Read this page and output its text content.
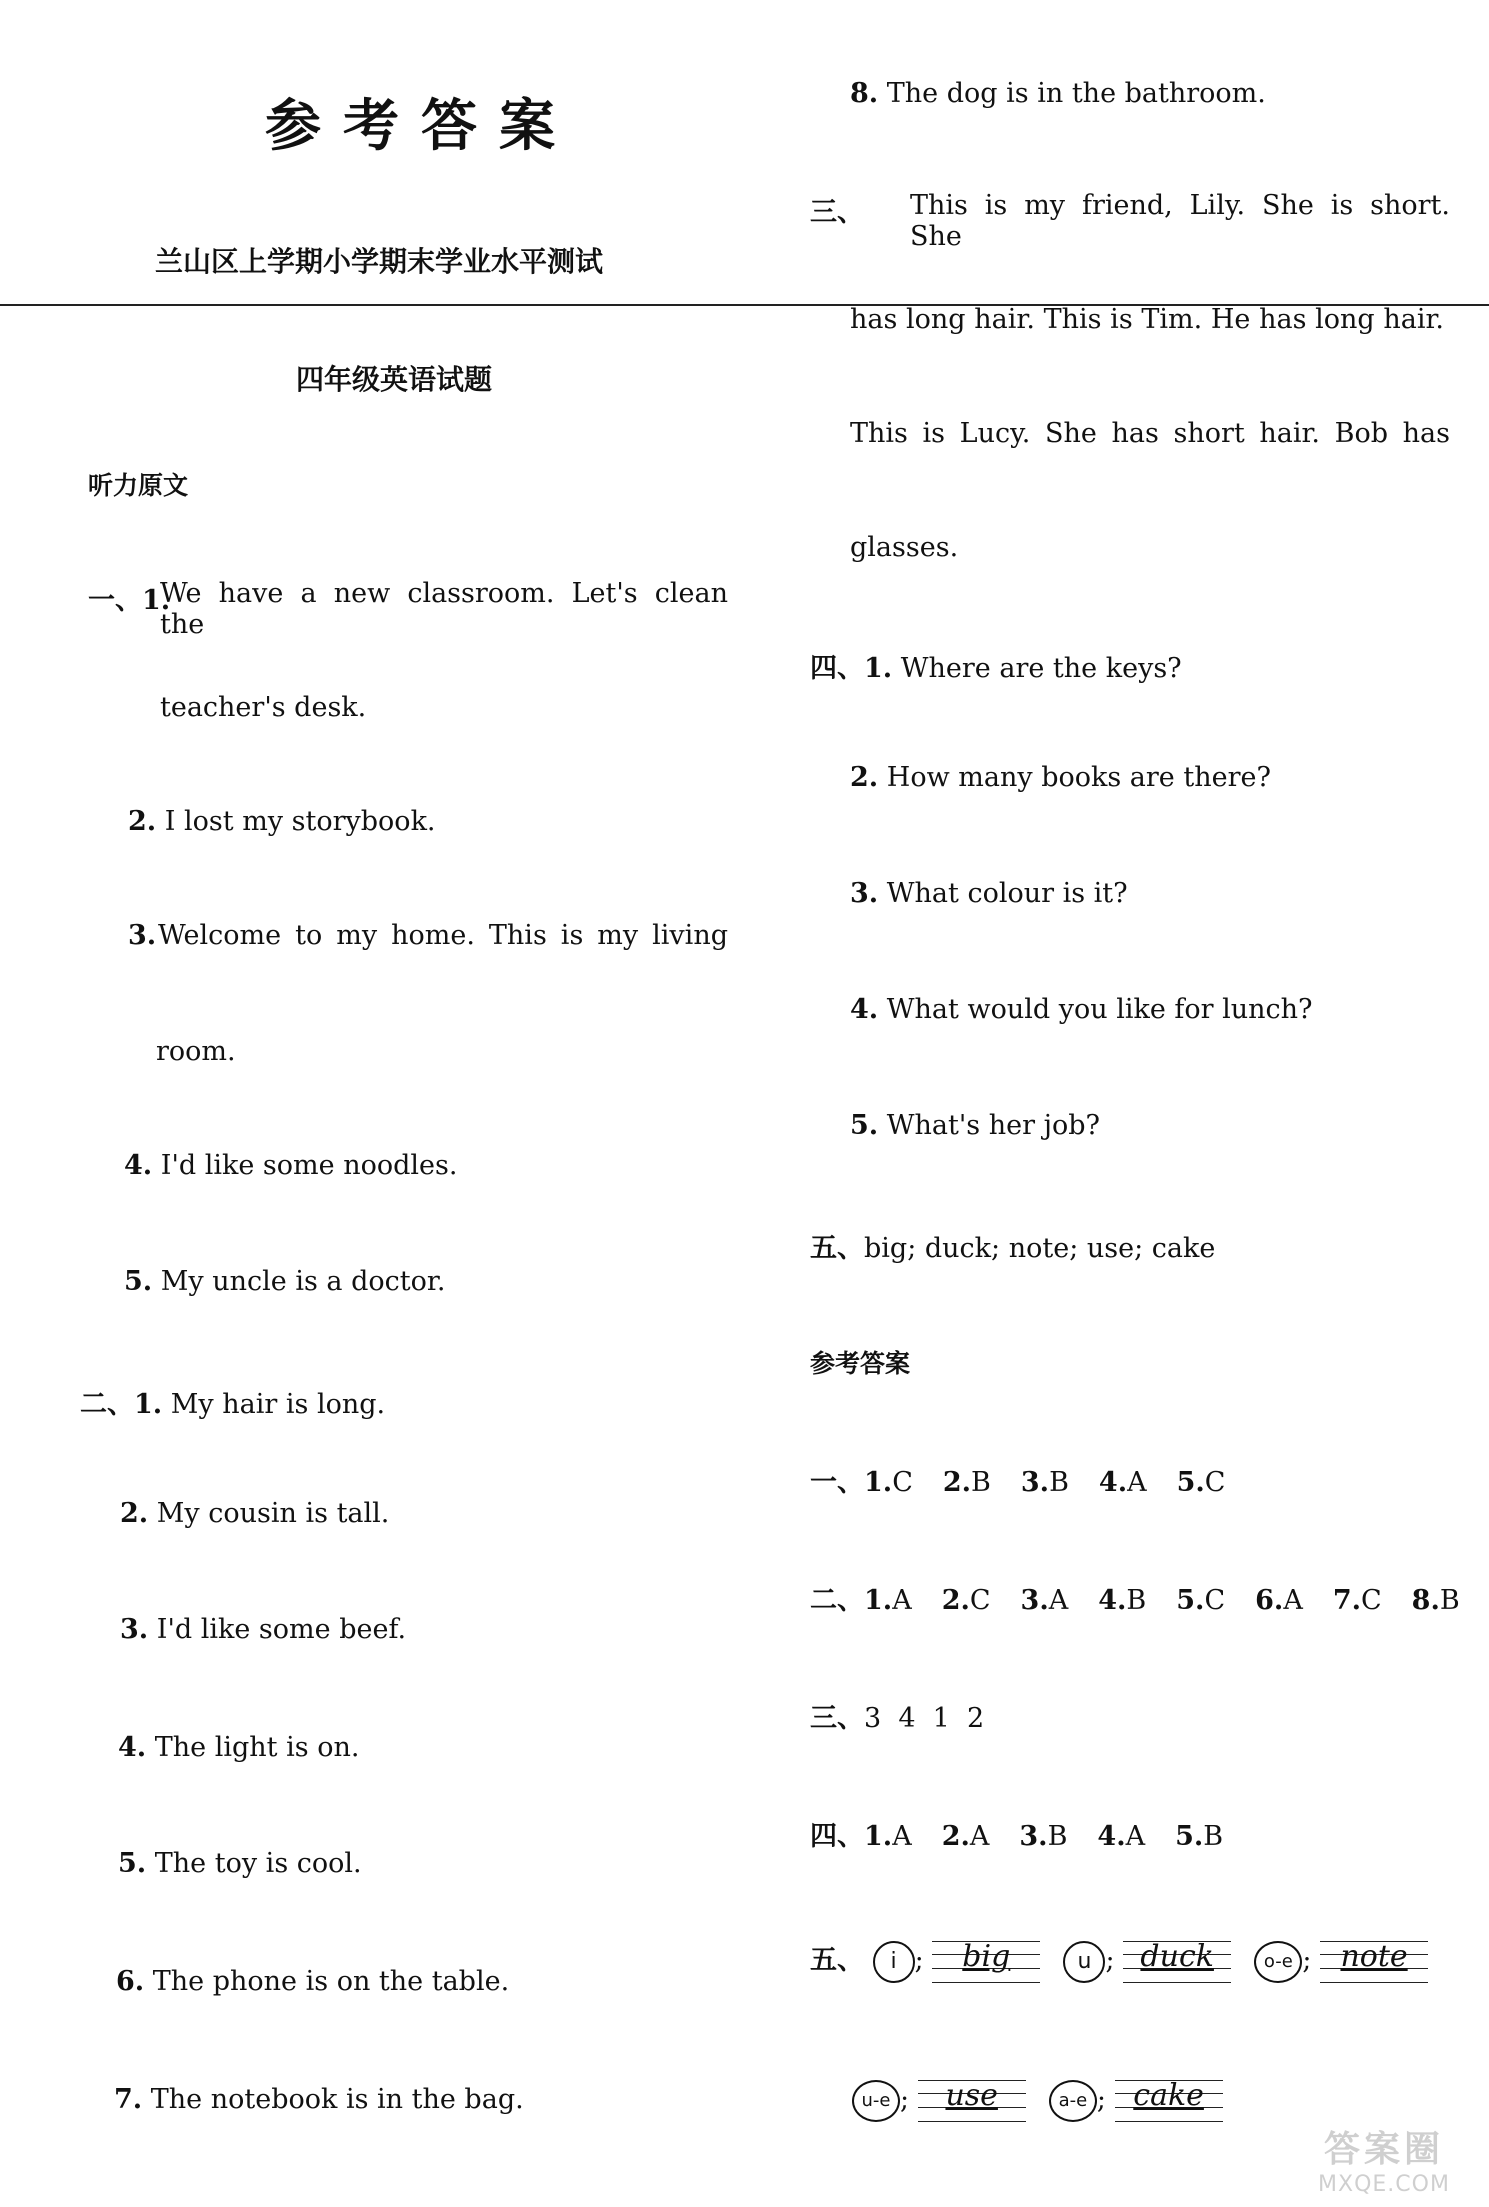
参考答案
兰山区上学期小学期末学业水平测试
四年级英语试题
听力原文
一、1.
We have a new classroom. Let's clean the
teacher's desk.
2. I lost my storybook.
3. Welcome to my home. This is my living
room.
4. I'd like some noodles.
5. My uncle is a doctor.
二、1. My hair is long.
2. My cousin is tall.
3. I'd like some beef.
4. The light is on.
5. The toy is cool.
6. The phone is on the table.
7. The notebook is in the bag.
8. The dog is in the bathroom.
三、 This is my friend, Lily. She is short. She
has long hair. This is Tim. He has long hair.
This is Lucy. She has short hair. Bob has
glasses.
四、1. Where are the keys?
2. How many books are there?
3. What colour is it?
4. What would you like for lunch?
5. What's her job?
五、big; duck; note; use; cake
参考答案
一、1.C 2.B 3.B 4.A 5.C
二、1.A 2.C 3.A 4.B 5.C 6.A 7.C 8.B
三、3  4  1  2
四、1.A 2.A 3.B 4.A 5.B
五、 i ; big	u ; duck	o-e ; note
u-e ; use	a-e ; cake
答案圈
MXQE.COM
